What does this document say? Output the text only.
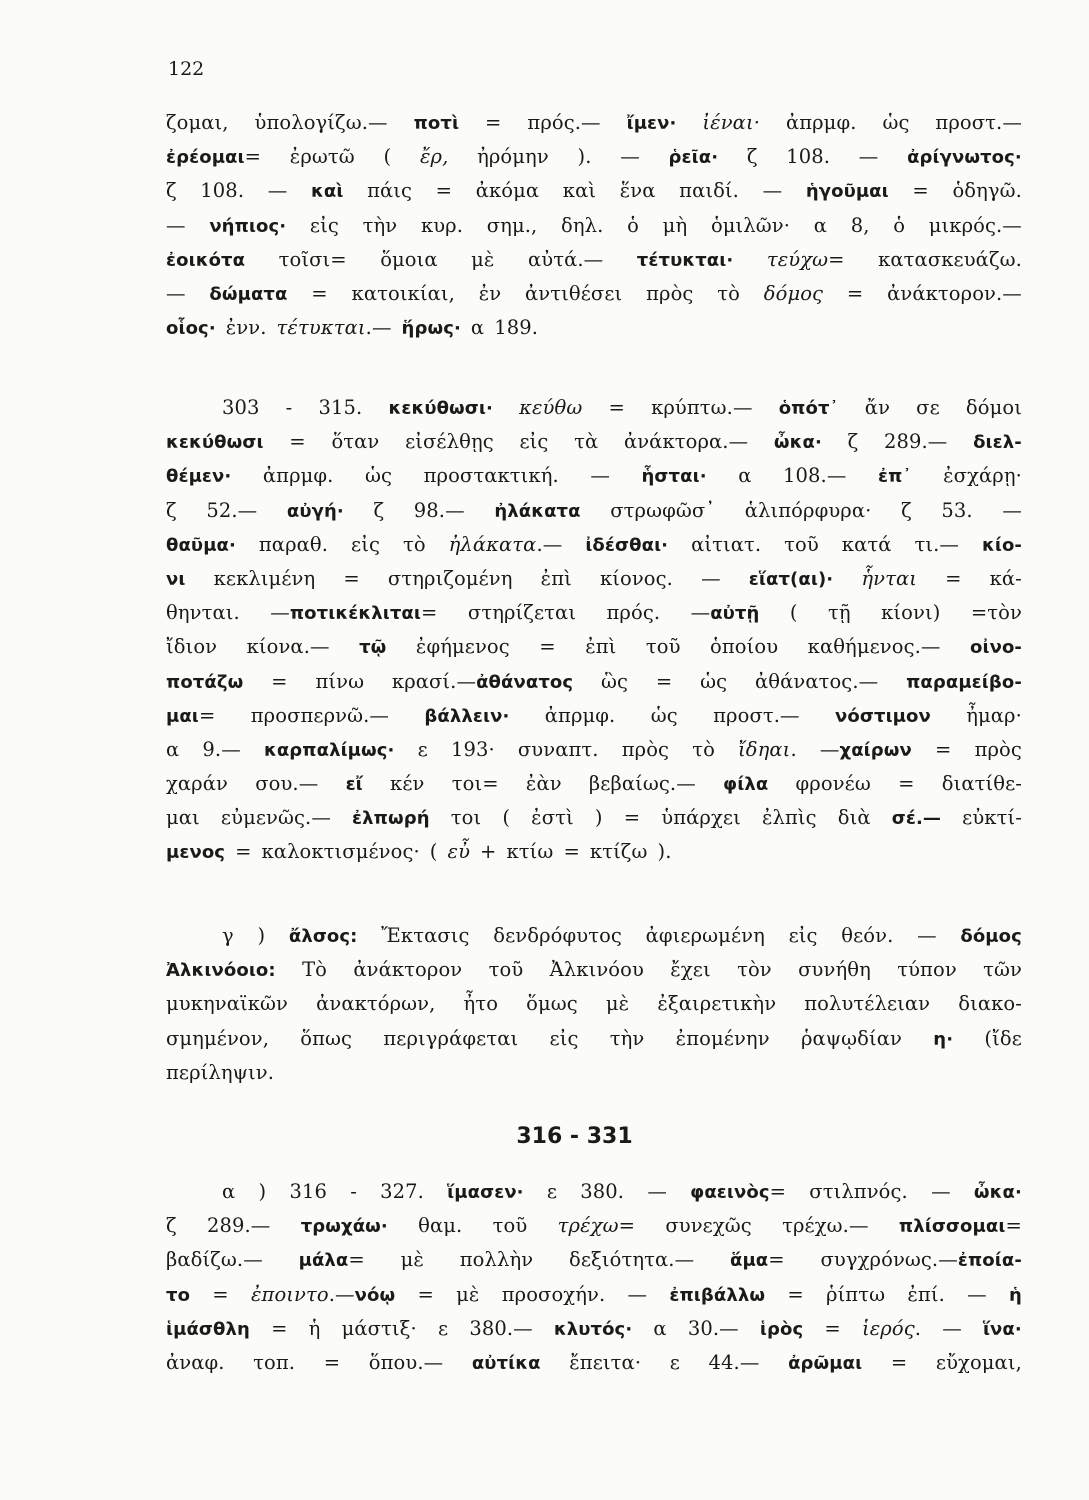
122
ζομαι, ὑπολογίζω.— ποτὶ = πρός.— ἴμεν· ἰέναι· ἀπρμφ. ὡς προστ.—
ἐρέομαι= ἐρωτῶ ( ἔρ, ἠρόμην ). — ῥεῖα· ζ 108. — ἀρίγνωτος·
ζ 108. — καὶ πάις = ἀκόμα καὶ ἕνα παιδί. — ἡγοῦμαι = ὁδηγῶ.
— νήπιος· εἰς τὴν κυρ. σημ., δηλ. ὁ μὴ ὁμιλῶν· α 8, ὁ μικρός.—
ἐοικότα τοῖσι= ὅμοια μὲ αὐτά.— τέτυκται· τεύχω= κατασκευάζω.
— δώματα = κατοικίαι, ἐν ἀντιθέσει πρὸς τὸ δόμος = ἀνάκτορον.—
οἷος· ἐνν. τέτυκται.— ἥρως· α 189.
303 - 315. κεκύθωσι· κεύθω = κρύπτω.— ὁπότ᾽ ἄν σε δόμοι
κεκύθωσι = ὅταν εἰσέλθῃς εἰς τὰ ἀνάκτορα.— ὦκα· ζ 289.— διελ-
θέμεν· ἀπρμφ. ὡς προστακτική. — ἧσται· α 108.— ἐπ᾽ ἐσχάρῃ·
ζ 52.— αὐγή· ζ 98.— ἠλάκατα στρωφῶσ᾽ ἁλιπόρφυρα· ζ 53. —
θαῦμα· παραθ. εἰς τὸ ἠλάκατα.— ἰδέσθαι· αἰτιατ. τοῦ κατά τι.— κίο-
νι κεκλιμένη = στηριζομένη ἐπὶ κίονος. — εἵατ(αι)· ἧνται = κά-
θηνται. —ποτικέκλιται= στηρίζεται πρός. —αὐτῇ ( τῇ κίονι) =τὸν
ἴδιον κίονα.— τῷ ἐφήμενος = ἐπὶ τοῦ ὁποίου καθήμενος.— οἰνο-
ποτάζω = πίνω κρασί.—ἀθάνατος ὣς = ὡς ἀθάνατος.— παραμείβο-
μαι= προσπερνῶ.— βάλλειν· ἀπρμφ. ὡς προστ.— νόστιμον ἦμαρ·
α 9.— καρπαλίμως· ε 193· συναπτ. πρὸς τὸ ἴδηαι. —χαίρων = πρὸς
χαράν σου.— εἴ κέν τοι= ἐὰν βεβαίως.— φίλα φρονέω = διατίθε-
μαι εὐμενῶς.— ἐλπωρή τοι ( ἐστὶ ) = ὑπάρχει ἐλπὶς διὰ σέ.— εὐκτί-
μενος = καλοκτισμένος· ( εὖ + κτίω = κτίζω ).
γ ) ἄλσος: Ἔκτασις δενδρόφυτος ἀφιερωμένη εἰς θεόν. — δόμος
Ἀλκινόοιο: Τὸ ἀνάκτορον τοῦ Ἀλκινόου ἔχει τὸν συνήθη τύπον τῶν
μυκηναϊκῶν ἀνακτόρων, ἦτο ὅμως μὲ ἐξαιρετικὴν πολυτέλειαν διακο-
σμημένον, ὅπως περιγράφεται εἰς τὴν ἐπομένην ῥαψῳδίαν η· (ἴδε
περίληψιν.
316 - 331
α ) 316 - 327. ἵμασεν· ε 380. — φαεινὸς= στιλπνός. — ὦκα·
ζ 289.— τρωχάω· θαμ. τοῦ τρέχω= συνεχῶς τρέχω.— πλίσσομαι=
βαδίζω.— μάλα= μὲ πολλὴν δεξιότητα.— ἅμα= συγχρόνως.—ἐποία-
το = ἐποιντο.—νόῳ = μὲ προσοχήν. — ἐπιβάλλω = ῥίπτω ἐπί. — ἡ
ἱμάσθλη = ἡ μάστιξ· ε 380.— κλυτός· α 30.— ἱρὸς = ἱερός. — ἵνα·
ἀναφ. τοπ. = ὅπου.— αὐτίκα ἔπειτα· ε 44.— ἀρῶμαι = εὔχομαι,
